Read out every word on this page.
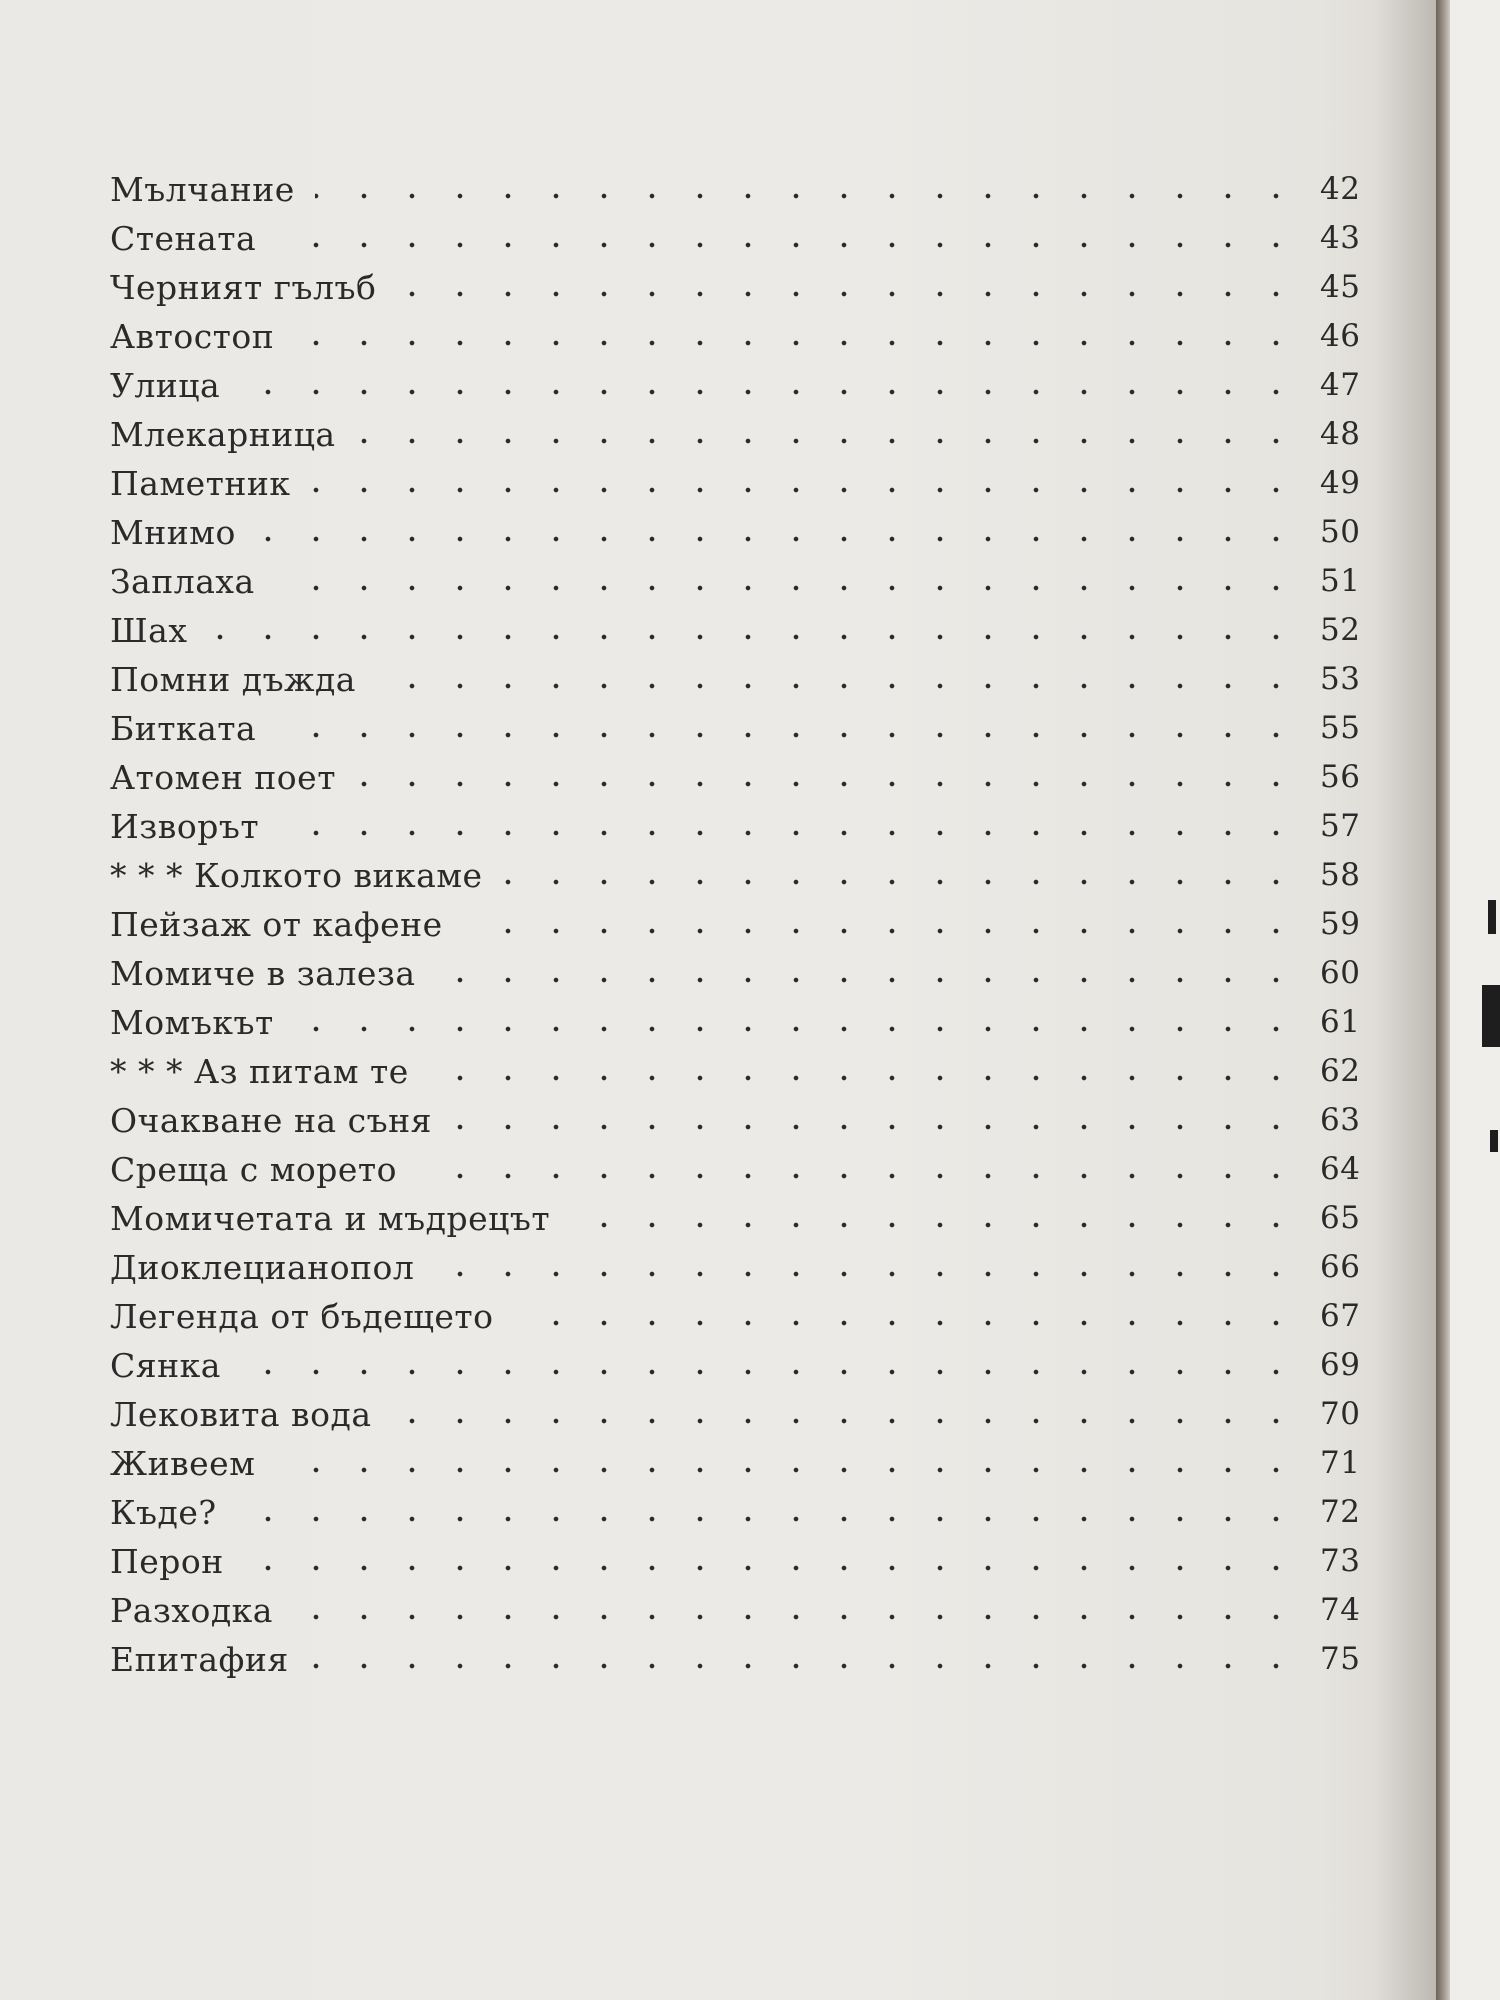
Мълчание	42
Стената	43
Черният гълъб	45
Автостоп	46
Улица	47
Млекарница	48
Паметник	49
Мнимо	50
Заплаха	51
Шах	52
Помни дъжда	53
Битката	55
Атомен поет	56
Изворът	57
* * * Колкото викаме	58
Пейзаж от кафене	59
Момиче в залеза	60
Момъкът	61
* * * Аз питам те	62
Очакване на съня	63
Среща с морето	64
Момичетата и мъдрецът	65
Диоклецианопол	66
Легенда от бъдещето	67
Сянка	69
Лековита вода	70
Живеем	71
Къде?	72
Перон	73
Разходка	74
Епитафия	75
